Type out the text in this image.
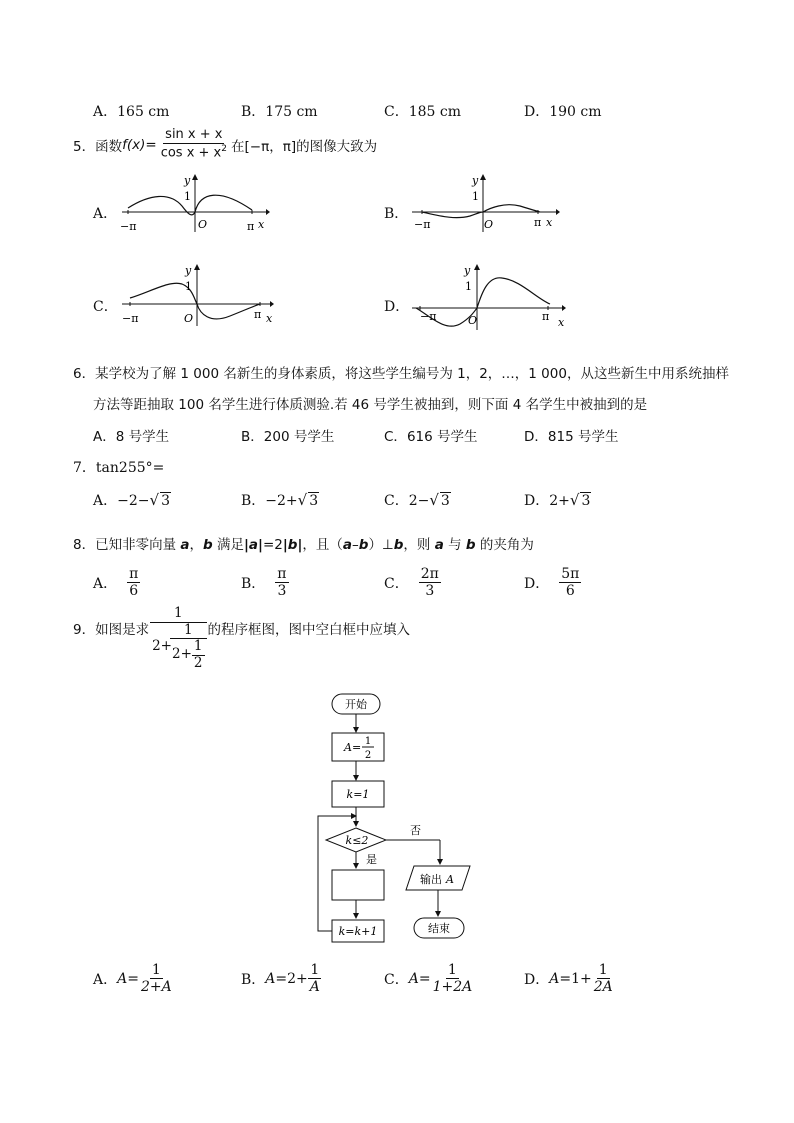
A．165 cm	B．175 cm	C．185 cm	D．190 cm
5． 函数 $f(x)= \frac{\text{sin x + x}}{\cos x + x^2}$ 在[−π，π]的图像大致为
A．	B．
C．	D．
y
1
O
−π	π x
y
1
O
−π	π x
y
1
O
−π	π x
y
1
O
−π	π x
6．某学校为了解 1 000 名新生的身体素质，将这些学生编号为 1，2，…，1 000，从这些新生中用系统抽样
方法等距抽取 100 名学生进行体质测验.若 46 号学生被抽到，则下面 4 名学生中被抽到的是
A．8 号学生	B．200 号学生	C．616 号学生	D．815 号学生
7．tan255°=
A．−2−√ 3	B．−2+√ 3	C．2−√ 3	D．2+√ 3
8．已知非零向量 a，b 满足|a|=2|b|，且（a–b）⊥b，则 a 与 b 的夹角为
A． $\frac{\pi}{6}$	B． $\frac{\pi}{3}$	C． $\frac{2\pi}{3}$	D． $\frac{5\pi}{6}$
9． 如图是求 $\frac{1}{2+ \frac{1}{2+ \frac{1}{2}}}$ 的程序框图，图中空白框中应填入
开始
A= 1
2
k=1
k≤2
否
输出 A
结束
是
k=k+1
A． $A= \frac{1}{2+A}$	B． $A= 2+ \frac{1}{A}$	C． $A= \frac{1}{1+2A}$	D． $A= 1+ \frac{1}{2A}$
